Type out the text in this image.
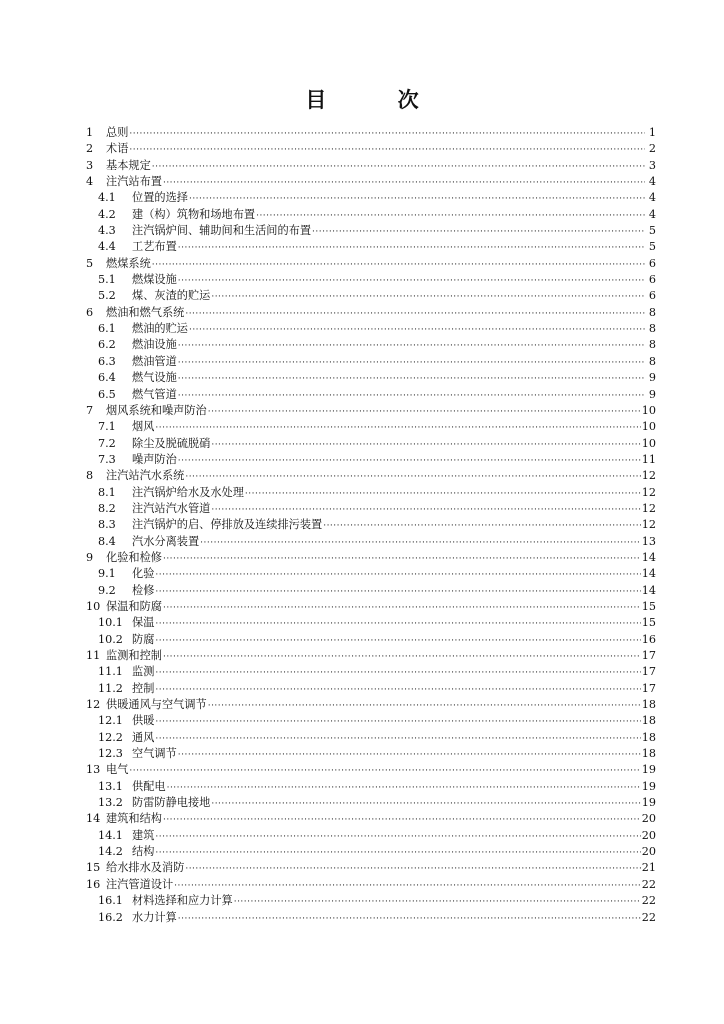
目 次
1	总则 ·····	1
2	术语 ·····	2
3	基本规定 ·····	3
4	注汽站布置 ·····	4
4.1	位置的选择 ·····	4
4.2	建（构）筑物和场地布置 ·····	4
4.3	注汽锅炉间、辅助间和生活间的布置 ·····	5
4.4	工艺布置 ·····	5
5	燃煤系统 ·····	6
5.1	燃煤设施 ·····	6
5.2	煤、灰渣的贮运 ·····	6
6	燃油和燃气系统 ·····	8
6.1	燃油的贮运 ·····	8
6.2	燃油设施 ·····	8
6.3	燃油管道 ·····	8
6.4	燃气设施 ·····	9
6.5	燃气管道 ·····	9
7	烟风系统和噪声防治 ·····	10
7.1	烟风 ·····	10
7.2	除尘及脱硫脱硝 ·····	10
7.3	噪声防治 ·····	11
8	注汽站汽水系统 ·····	12
8.1	注汽锅炉给水及水处理 ·····	12
8.2	注汽站汽水管道 ·····	12
8.3	注汽锅炉的启、停排放及连续排污装置 ·····	12
8.4	汽水分离装置 ·····	13
9	化验和检修 ·····	14
9.1	化验 ·····	14
9.2	检修 ·····	14
10 保温和防腐 ·····	15
10.1 保温 ·····	15
10.2 防腐 ·····	16
11 监测和控制 ·····	17
11.1 监测 ·····	17
11.2 控制 ·····	17
12 供暖通风与空气调节 ·····	18
12.1 供暖 ·····	18
12.2 通风 ·····	18
12.3 空气调节 ·····	18
13 电气 ·····	19
13.1 供配电 ·····	19
13.2 防雷防静电接地 ·····	19
14 建筑和结构 ·····	20
14.1 建筑 ·····	20
14.2 结构 ·····	20
15 给水排水及消防 ·····	21
16 注汽管道设计 ·····	22
16.1 材料选择和应力计算 ·····	22
16.2 水力计算 ·····	22
